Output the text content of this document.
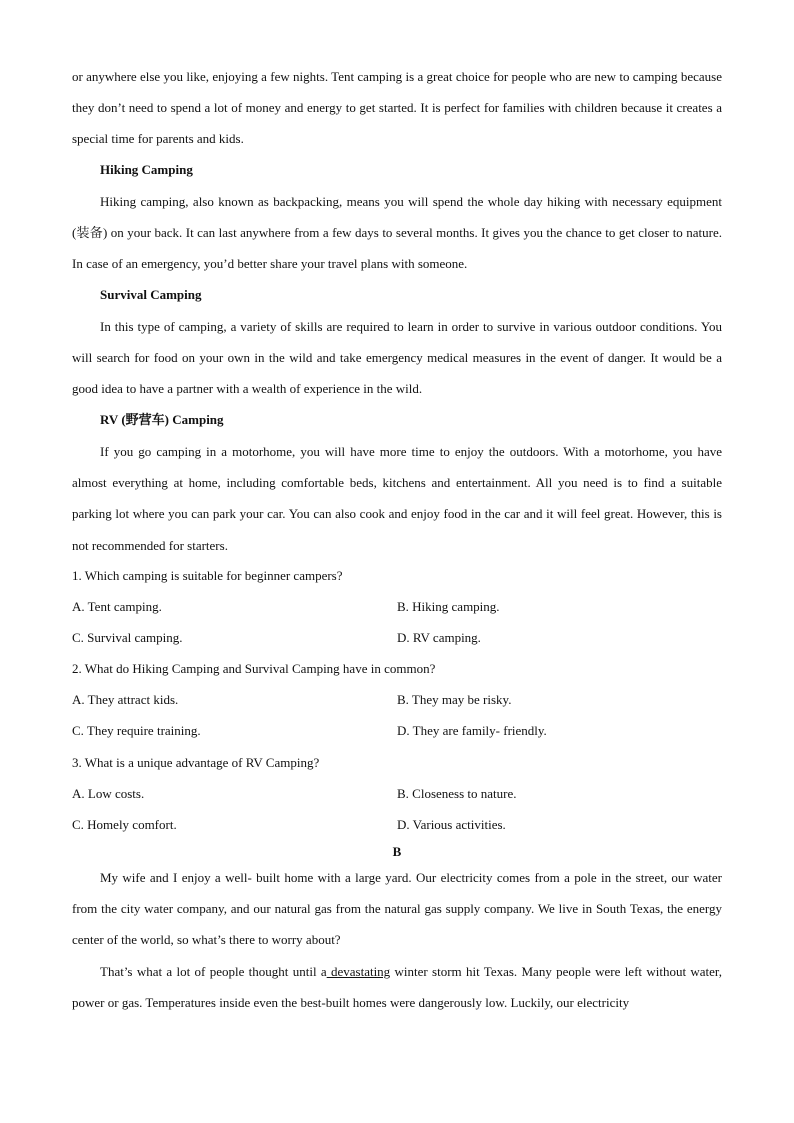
or anywhere else you like, enjoying a few nights. Tent camping is a great choice for people who are new to camping because they don’t need to spend a lot of money and energy to get started. It is perfect for families with children because it creates a special time for parents and kids.

Hiking Camping

Hiking camping, also known as backpacking, means you will spend the whole day hiking with necessary equipment (装备) on your back. It can last anywhere from a few days to several months. It gives you the chance to get closer to nature. In case of an emergency, you’d better share your travel plans with someone.

Survival Camping

In this type of camping, a variety of skills are required to learn in order to survive in various outdoor conditions. You will search for food on your own in the wild and take emergency medical measures in the event of danger. It would be a good idea to have a partner with a wealth of experience in the wild.

RV (野营车) Camping

If you go camping in a motorhome, you will have more time to enjoy the outdoors. With a motorhome, you have almost everything at home, including comfortable beds, kitchens and entertainment. All you need is to find a suitable parking lot where you can park your car. You can also cook and enjoy food in the car and it will feel great. However, this is not recommended for starters.

1. Which camping is suitable for beginner campers?

A. Tent camping.	B. Hiking camping.

C. Survival camping.	D. RV camping.

2. What do Hiking Camping and Survival Camping have in common?

A. They attract kids.	B. They may be risky.

C. They require training.	D. They are family- friendly.

3. What is a unique advantage of RV Camping?

A. Low costs.	B. Closeness to nature.

C. Homely comfort.	D. Various activities.

B

My wife and I enjoy a well- built home with a large yard. Our electricity comes from a pole in the street, our water from the city water company, and our natural gas from the natural gas supply company. We live in South Texas, the energy center of the world, so what’s there to worry about?

That’s what a lot of people thought until a devastating winter storm hit Texas. Many people were left without water, power or gas. Temperatures inside even the best-built homes were dangerously low. Luckily, our electricity
